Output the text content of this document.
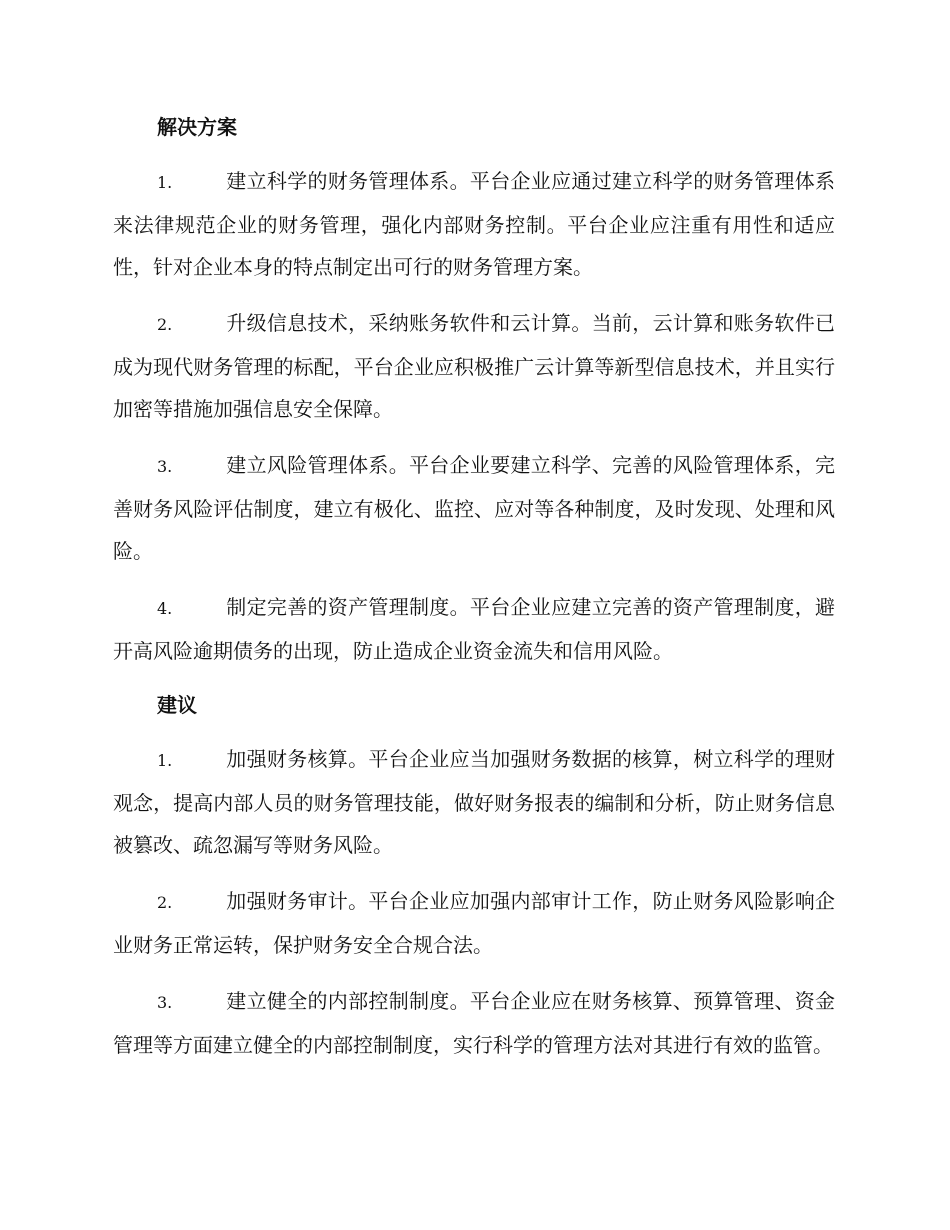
解决方案

1.	建立科学的财务管理体系。平台企业应通过建立科学的财务管理体系来法律规范企业的财务管理，强化内部财务控制。平台企业应注重有用性和适应性，针对企业本身的特点制定出可行的财务管理方案。

2.	升级信息技术，采纳账务软件和云计算。当前，云计算和账务软件已成为现代财务管理的标配，平台企业应积极推广云计算等新型信息技术，并且实行加密等措施加强信息安全保障。

3.	建立风险管理体系。平台企业要建立科学、完善的风险管理体系，完善财务风险评估制度，建立有极化、监控、应对等各种制度，及时发现、处理和风险。

4.	制定完善的资产管理制度。平台企业应建立完善的资产管理制度，避开高风险逾期债务的出现，防止造成企业资金流失和信用风险。

建议

1.	加强财务核算。平台企业应当加强财务数据的核算，树立科学的理财观念，提高内部人员的财务管理技能，做好财务报表的编制和分析，防止财务信息被篡改、疏忽漏写等财务风险。

2.	加强财务审计。平台企业应加强内部审计工作，防止财务风险影响企业财务正常运转，保护财务安全合规合法。

3.	建立健全的内部控制制度。平台企业应在财务核算、预算管理、资金管理等方面建立健全的内部控制制度，实行科学的管理方法对其进行有效的监管。
